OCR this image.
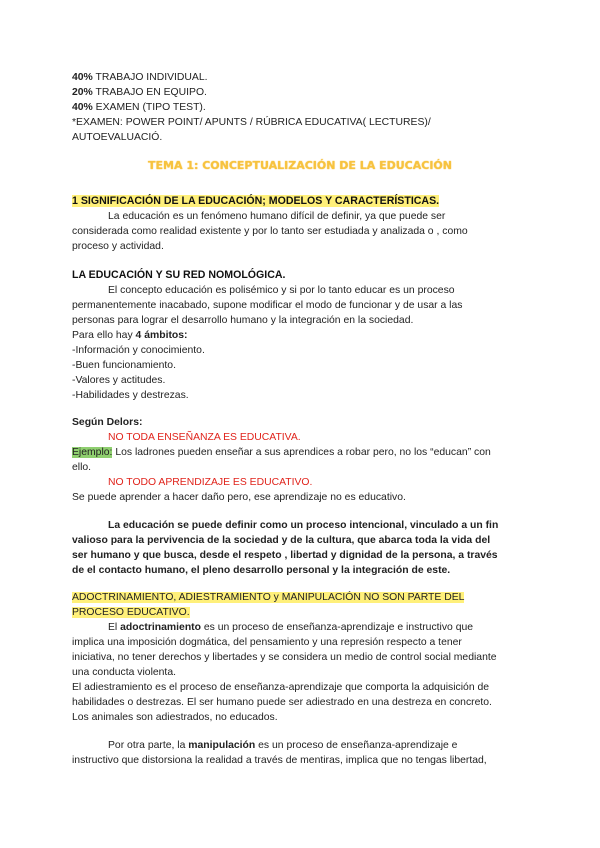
40% TRABAJO INDIVIDUAL.
20% TRABAJO EN EQUIPO.
40% EXAMEN (TIPO TEST).
*EXAMEN: POWER POINT/ APUNTS / RÚBRICA EDUCATIVA( LECTURES)/
AUTOEVALUACIÓ.
TEMA 1: CONCEPTUALIZACIÓN DE LA EDUCACIÓN
1 SIGNIFICACIÓN DE LA EDUCACIÓN; MODELOS Y CARACTERÍSTICAS.
La educación es un fenómeno humano difícil de definir, ya que puede ser
considerada como realidad existente y por lo tanto ser estudiada y analizada o , como
proceso y actividad.
LA EDUCACIÓN Y SU RED NOMOLÓGICA.
El concepto educación es polisémico y si por lo tanto educar es un proceso
permanentemente inacabado, supone modificar el modo de funcionar y de usar a las
personas para lograr el desarrollo humano y la integración en la sociedad.
Para ello hay 4 ámbitos:
-Información y conocimiento.
-Buen funcionamiento.
-Valores y actitudes.
-Habilidades y destrezas.
Según Delors:
NO TODA ENSEÑANZA ES EDUCATIVA.
Ejemplo: Los ladrones pueden enseñar a sus aprendices a robar pero, no los “educan” con
ello.
NO TODO APRENDIZAJE ES EDUCATIVO.
Se puede aprender a hacer daño pero, ese aprendizaje no es educativo.
La educación se puede definir como un proceso intencional, vinculado a un fin
valioso para la pervivencia de la sociedad y de la cultura, que abarca toda la vida del
ser humano y que busca, desde el respeto , libertad y dignidad de la persona, a través
de el contacto humano, el pleno desarrollo personal y la integración de este.
ADOCTRINAMIENTO, ADIESTRAMIENTO y MANIPULACIÓN NO SON PARTE DEL
PROCESO EDUCATIVO.
El adoctrinamiento es un proceso de enseñanza-aprendizaje e instructivo que
implica una imposición dogmática, del pensamiento y una represión respecto a tener
iniciativa, no tener derechos y libertades y se considera un medio de control social mediante
una conducta violenta.
El adiestramiento es el proceso de enseñanza-aprendizaje que comporta la adquisición de
habilidades o destrezas. El ser humano puede ser adiestrado en una destreza en concreto.
Los animales son adiestrados, no educados.
Por otra parte, la manipulación es un proceso de enseñanza-aprendizaje e
instructivo que distorsiona la realidad a través de mentiras, implica que no tengas libertad,
